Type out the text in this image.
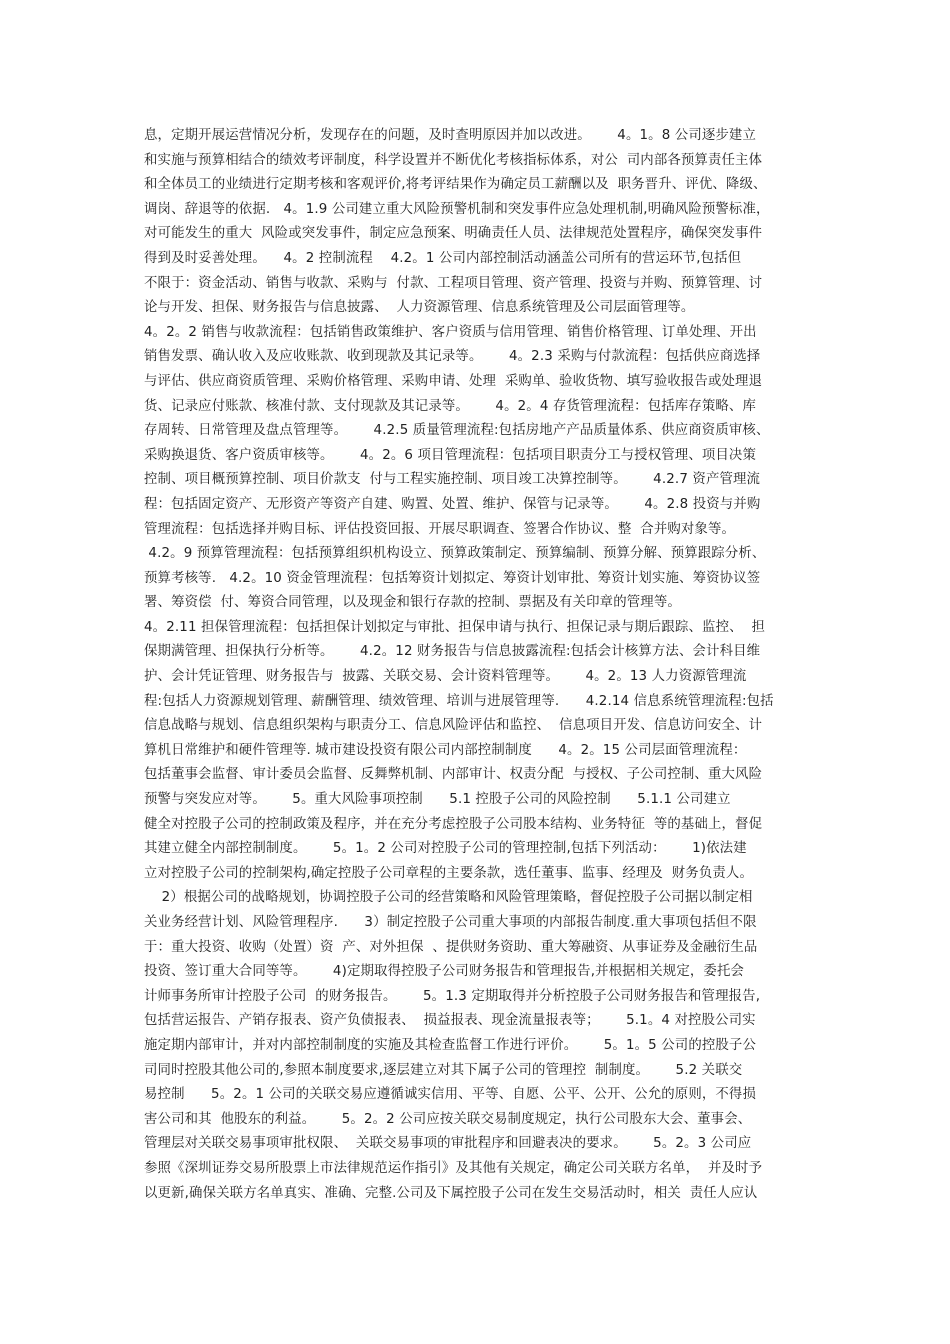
息，定期开展运营情况分析，发现存在的问题，及时查明原因并加以改进。      4。1。8 公司逐步建立
和实施与预算相结合的绩效考评制度，科学设置并不断优化考核指标体系，对公  司内部各预算责任主体
和全体员工的业绩进行定期考核和客观评价,将考评结果作为确定员工薪酬以及  职务晋升、评优、降级、
调岗、辞退等的依据.   4。1.9 公司建立重大风险预警机制和突发事件应急处理机制,明确风险预警标准，
对可能发生的重大  风险或突发事件，制定应急预案、明确责任人员、法律规范处置程序，确保突发事件
得到及时妥善处理。    4。2 控制流程    4.2。1 公司内部控制活动涵盖公司所有的营运环节,包括但
不限于：资金活动、销售与收款、采购与  付款、工程项目管理、资产管理、投资与并购、预算管理、讨
论与开发、担保、财务报告与信息披露、  人力资源管理、信息系统管理及公司层面管理等。
4。2。2 销售与收款流程：包括销售政策维护、客户资质与信用管理、销售价格管理、订单处理、开出
销售发票、确认收入及应收账款、收到现款及其记录等。      4。2.3 采购与付款流程：包括供应商选择
与评估、供应商资质管理、采购价格管理、采购申请、处理  采购单、验收货物、填写验收报告或处理退
货、记录应付账款、核准付款、支付现款及其记录等。      4。2。4 存货管理流程：包括库存策略、库
存周转、日常管理及盘点管理等。      4.2.5 质量管理流程:包括房地产产品质量体系、供应商资质审核、
采购换退货、客户资质审核等。      4。2。6 项目管理流程：包括项目职责分工与授权管理、项目决策
控制、项目概预算控制、项目价款支  付与工程实施控制、项目竣工决算控制等。      4.2.7 资产管理流
程：包括固定资产、无形资产等资产自建、购置、处置、维护、保管与记录等。      4。2.8 投资与并购
管理流程：包括选择并购目标、评估投资回报、开展尽职调查、签署合作协议、整  合并购对象等。
4.2。9 预算管理流程：包括预算组织机构设立、预算政策制定、预算编制、预算分解、预算跟踪分析、
预算考核等.   4.2。10 资金管理流程：包括筹资计划拟定、筹资计划审批、筹资计划实施、筹资协议签
署、筹资偿  付、筹资合同管理，以及现金和银行存款的控制、票据及有关印章的管理等。
4。2.11 担保管理流程：包括担保计划拟定与审批、担保申请与执行、担保记录与期后跟踪、监控、  担
保期满管理、担保执行分析等。      4.2。12 财务报告与信息披露流程:包括会计核算方法、会计科目维
护、会计凭证管理、财务报告与  披露、关联交易、会计资料管理等。      4。2。13 人力资源管理流
程:包括人力资源规划管理、薪酬管理、绩效管理、培训与进展管理等.      4.2.14 信息系统管理流程:包括
信息战略与规划、信息组织架构与职责分工、信息风险评估和监控、  信息项目开发、信息访问安全、计
算机日常维护和硬件管理等. 城市建设投资有限公司内部控制制度      4。2。15 公司层面管理流程：
包括董事会监督、审计委员会监督、反舞弊机制、内部审计、权责分配  与授权、子公司控制、重大风险
预警与突发应对等。      5。重大风险事项控制      5.1 控股子公司的风险控制      5.1.1 公司建立
健全对控股子公司的控制政策及程序，并在充分考虑控股子公司股本结构、业务特征  等的基础上，督促
其建立健全内部控制制度。      5。1。2 公司对控股子公司的管理控制,包括下列活动：      1)依法建
立对控股子公司的控制架构,确定控股子公司章程的主要条款，选任董事、监事、经理及  财务负责人。
2）根据公司的战略规划，协调控股子公司的经营策略和风险管理策略，督促控股子公司据以制定相
关业务经营计划、风险管理程序.      3）制定控股子公司重大事项的内部报告制度.重大事项包括但不限
于：重大投资、收购（处置）资  产、对外担保  、提供财务资助、重大筹融资、从事证券及金融衍生品
投资、签订重大合同等等。      4)定期取得控股子公司财务报告和管理报告,并根据相关规定，委托会
计师事务所审计控股子公司  的财务报告。      5。1.3 定期取得并分析控股子公司财务报告和管理报告,
包括营运报告、产销存报表、资产负债报表、  损益报表、现金流量报表等；      5.1。4 对控股公司实
施定期内部审计，并对内部控制制度的实施及其检查监督工作进行评价。      5。1。5 公司的控股子公
司同时控股其他公司的,参照本制度要求,逐层建立对其下属子公司的管理控  制制度。      5.2 关联交
易控制      5。2。1 公司的关联交易应遵循诚实信用、平等、自愿、公平、公开、公允的原则，不得损
害公司和其  他股东的利益。      5。2。2 公司应按关联交易制度规定，执行公司股东大会、董事会、
管理层对关联交易事项审批权限、  关联交易事项的审批程序和回避表决的要求。      5。2。3 公司应
参照《深圳证券交易所股票上市法律规范运作指引》及其他有关规定，确定公司关联方名单，  并及时予
以更新,确保关联方名单真实、准确、完整.公司及下属控股子公司在发生交易活动时，相关  责任人应认
